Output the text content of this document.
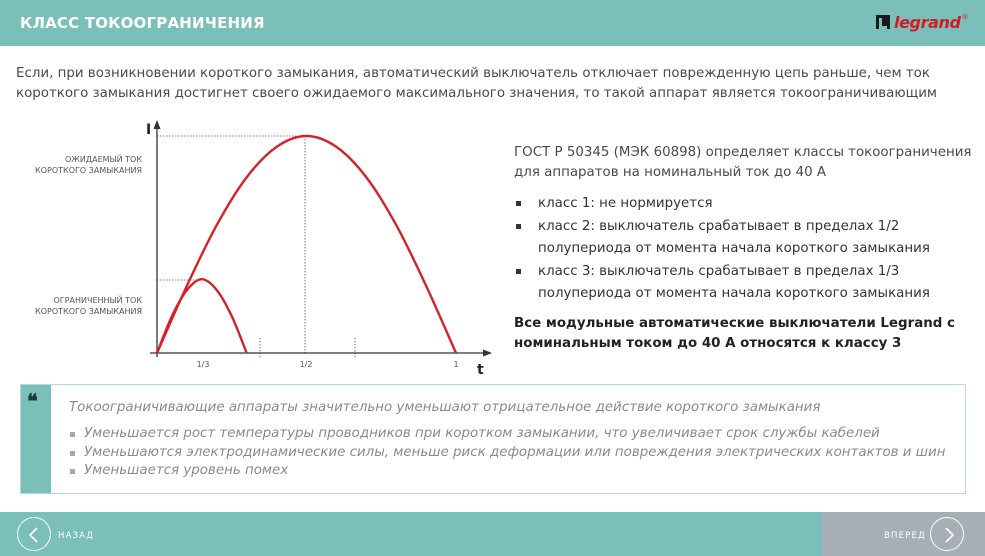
КЛАСС ТОКООГРАНИЧЕНИЯ	legrand ®

Если, при возникновении короткого замыкания, автоматический выключатель отключает поврежденную цепь раньше, чем ток короткого замыкания достигнет своего ожидаемого максимального значения, то такой аппарат является токоограничивающим

ОЖИДАЕМЫЙ ТОК
КОРОТКОГО ЗАМЫКАНИЯ
ОГРАНИЧЕННЫЙ ТОК
КОРОТКОГО ЗАМЫКАНИЯ
I
t
1/3	1/2	1

ГОСТ Р 50345 (МЭК 60898) определяет классы токоограничения для аппаратов на номинальный ток до 40 А

класс 1: не нормируется
класс 2: выключатель срабатывает в пределах 1/2 полупериода от момента начала короткого замыкания
класс 3: выключатель срабатывает в пределах 1/3 полупериода от момента начала короткого замыкания

Все модульные автоматические выключатели Legrand с номинальным током до 40 А относятся к классу 3

❝ Токоограничивающие аппараты значительно уменьшают отрицательное действие короткого замыкания

Уменьшается рост температуры проводников при коротком замыкании, что увеличивает срок службы кабелей
Уменьшаются электродинамические силы, меньше риск деформации или повреждения электрических контактов и шин
Уменьшается уровень помех
НАЗАД	ВПЕРЕД
